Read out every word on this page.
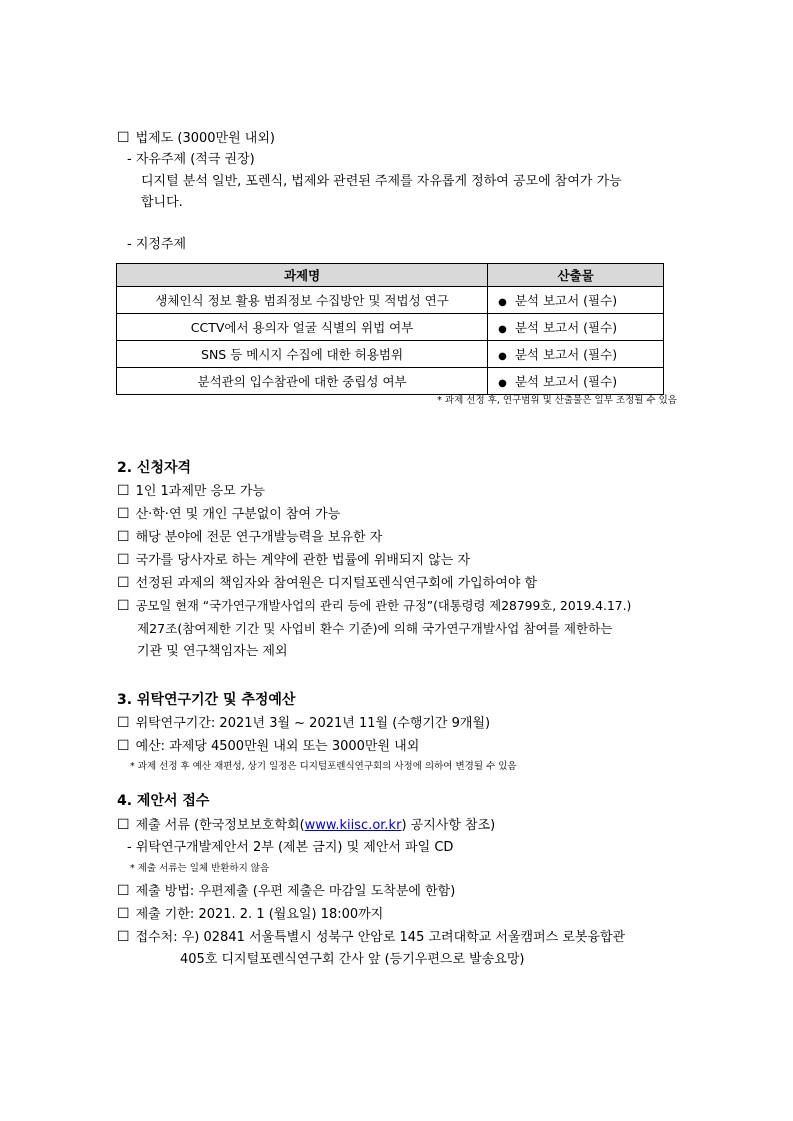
☐ 법제도 (3000만원 내외)
- 자유주제 (적극 권장)
디지털 분석 일반, 포렌식, 법제와 관련된 주제를 자유롭게 정하여 공모에 참여가 가능
합니다.
- 지정주제
과제명	산출물
생체인식 정보 활용 범죄정보 수집방안 및 적법성 연구	● 분석 보고서 (필수)
CCTV에서 용의자 얼굴 식별의 위법 여부	● 분석 보고서 (필수)
SNS 등 메시지 수집에 대한 허용범위	● 분석 보고서 (필수)
분석관의 입수참관에 대한 중립성 여부	● 분석 보고서 (필수)
* 과제 선정 후, 연구범위 및 산출물은 일부 조정될 수 있음
2. 신청자격
☐ 1인 1과제만 응모 가능
☐ 산·학·연 및 개인 구분없이 참여 가능
☐ 해당 분야에 전문 연구개발능력을 보유한 자
☐ 국가를 당사자로 하는 계약에 관한 법률에 위배되지 않는 자
☐ 선정된 과제의 책임자와 참여원은 디지털포렌식연구회에 가입하여야 함
☐ 공모일 현재 “국가연구개발사업의 관리 등에 관한 규정”(대통령령 제28799호, 2019.4.17.)
제27조(참여제한 기간 및 사업비 환수 기준)에 의해 국가연구개발사업 참여를 제한하는
기관 및 연구책임자는 제외
3. 위탁연구기간 및 추정예산
☐ 위탁연구기간: 2021년 3월 ~ 2021년 11월 (수행기간 9개월)
☐ 예산: 과제당 4500만원 내외 또는 3000만원 내외
* 과제 선정 후 예산 재편성, 상기 일정은 디지털포렌식연구회의 사정에 의하여 변경될 수 있음
4. 제안서 접수
☐ 제출 서류 (한국정보보호학회(www.kiisc.or.kr) 공지사항 참조)
- 위탁연구개발제안서 2부 (제본 금지) 및 제안서 파일 CD
* 제출 서류는 일체 반환하지 않음
☐ 제출 방법: 우편제출 (우편 제출은 마감일 도착분에 한함)
☐ 제출 기한: 2021. 2. 1 (월요일) 18:00까지
☐ 접수처: 우) 02841 서울특별시 성북구 안암로 145 고려대학교 서울캠퍼스 로봇융합관
405호 디지털포렌식연구회 간사 앞 (등기우편으로 발송요망)
